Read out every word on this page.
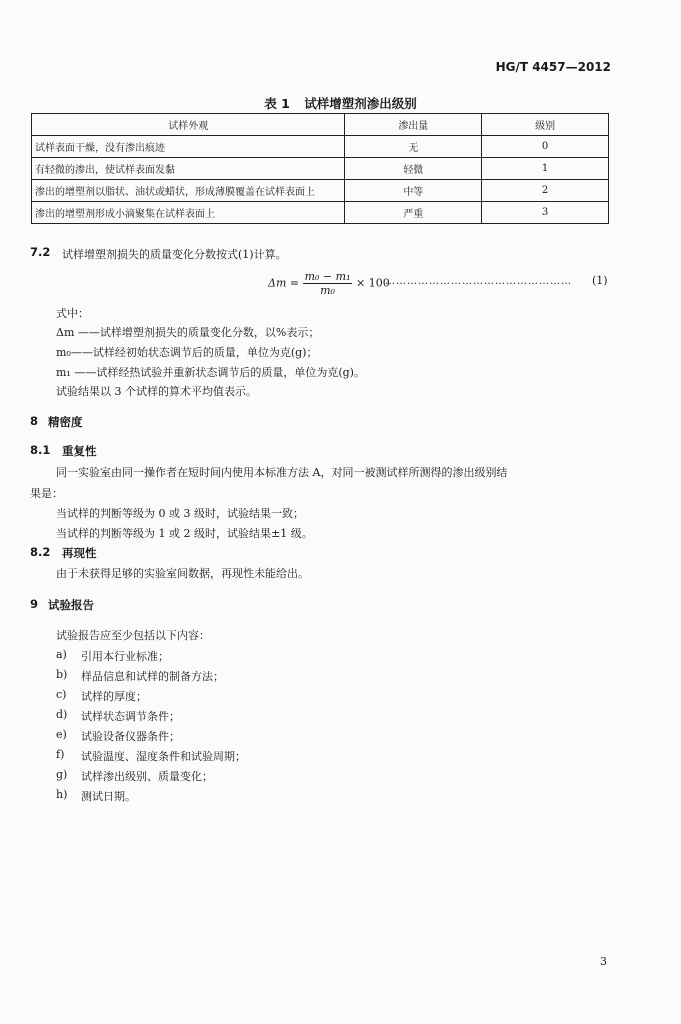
HG/T 4457—2012
表 1 试样增塑剂渗出级别
试样外观	渗出量	级别
试样表面干燥，没有渗出痕迹	无	0
有轻微的渗出，使试样表面发黏	轻微	1
渗出的增塑剂以脂状、油状或蜡状，形成薄膜覆盖在试样表面上	中等	2
渗出的增塑剂形成小滴聚集在试样表面上	严重	3
7.2 试样增塑剂损失的质量变化分数按式(1)计算。
$\Delta m = \frac{\text{m₀ − m₁}}{\text{m₀}} \times 100$
…………………………………………… (1)
式中：
Δm ——试样增塑剂损失的质量变化分数，以%表示；
m₀——试样经初始状态调节后的质量，单位为克(g)；
m₁ ——试样经热试验并重新状态调节后的质量，单位为克(g)。
试验结果以 3 个试样的算术平均值表示。
8 精密度
8.1 重复性
同一实验室由同一操作者在短时间内使用本标准方法 A，对同一被测试样所测得的渗出级别结
果是：
当试样的判断等级为 0 或 3 级时，试验结果一致；
当试样的判断等级为 1 或 2 级时，试验结果±1 级。
8.2 再现性
由于未获得足够的实验室间数据，再现性未能给出。
9 试验报告
试验报告应至少包括以下内容：
a) 引用本行业标准；
b) 样品信息和试样的制备方法；
c) 试样的厚度；
d) 试样状态调节条件；
e) 试验设备仪器条件；
f) 试验温度、湿度条件和试验周期；
g) 试样渗出级别、质量变化；
h) 测试日期。
3
